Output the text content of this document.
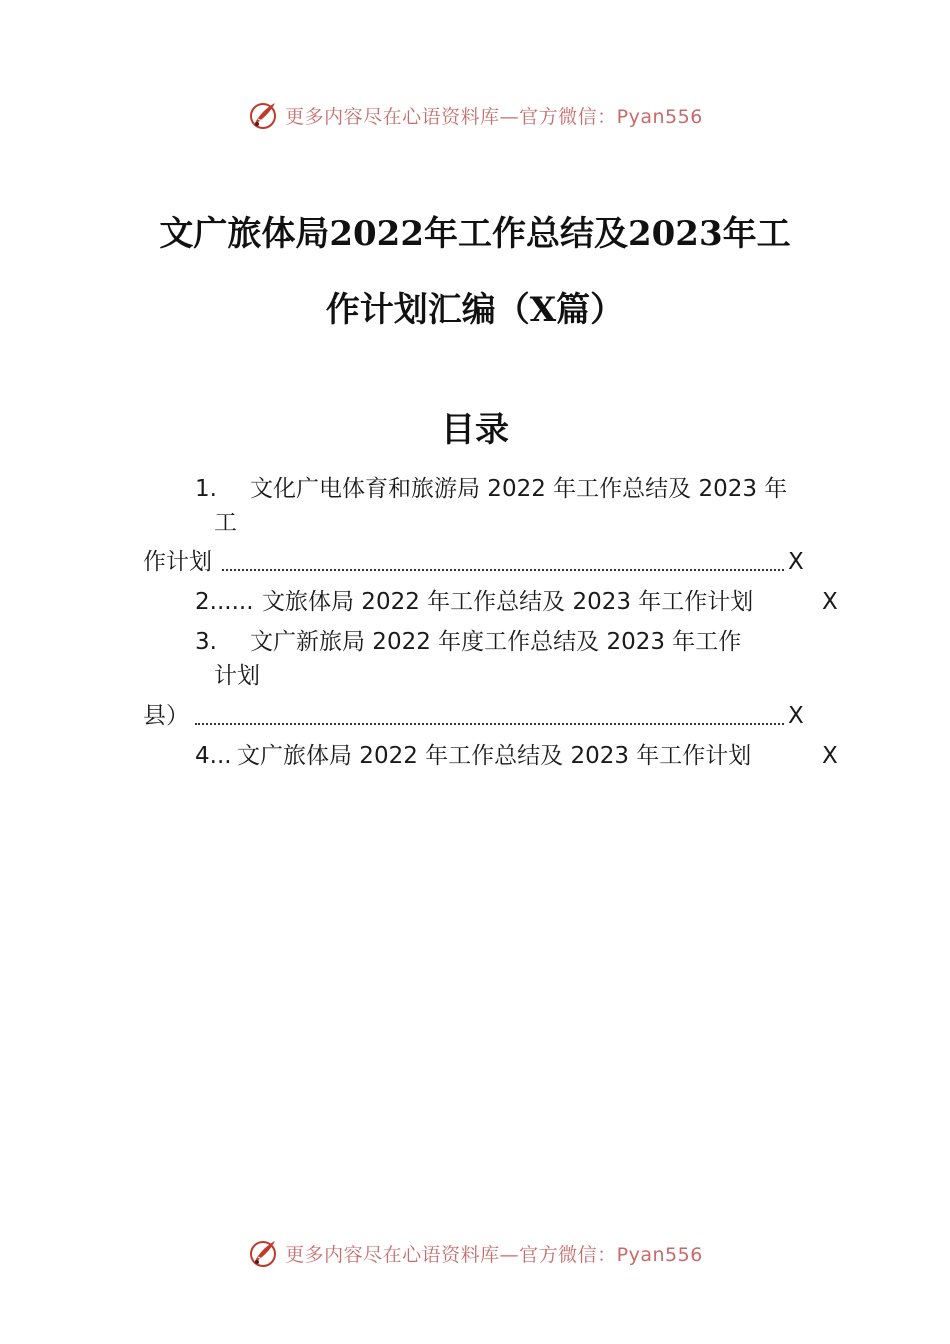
更多内容尽在心语资料库—官方微信：Pyan556
文广旅体局2022年工作总结及2023年工
作计划汇编（X篇）
目录
1. 文化广电体育和旅游局 2022 年工作总结及 2023 年
工
作计划	X
2...... 文旅体局 2022 年工作总结及 2023 年工作计划	X
3. 文广新旅局 2022 年度工作总结及 2023 年工作
计划
县）	X
4... 文广旅体局 2022 年工作总结及 2023 年工作计划	X
更多内容尽在心语资料库—官方微信：Pyan556
